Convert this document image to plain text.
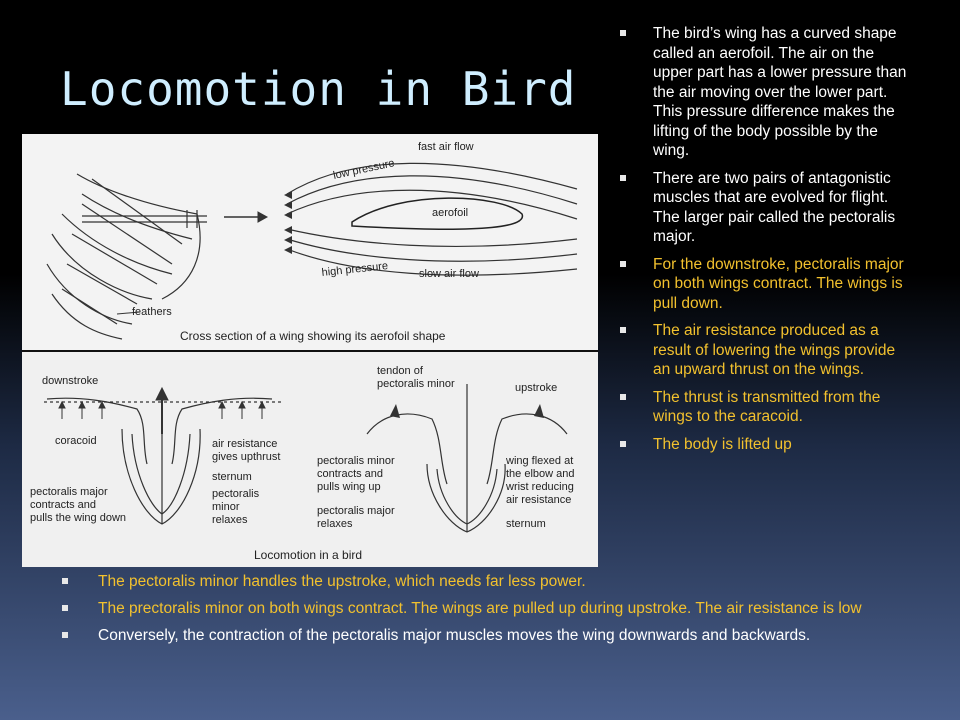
Locomotion in Bird
feathers
fast air flow
low pressure
aerofoil
high pressure	slow air flow
Cross section of a wing showing its aerofoil shape
downstroke
coracoid	air resistance
gives upthrust
sternum
pectoralis
minor
relaxes
pectoralis major
contracts and
pulls the wing down
tendon of
pectoralis minor	upstroke
pectoralis minor
contracts and
pulls wing up
wing flexed at
the elbow and
wrist reducing
air resistance
pectoralis major
relaxes	sternum
Locomotion in a bird
The bird’s wing has a curved shape called an aerofoil. The air on the upper part has a lower pressure than the air moving over the lower part. This pressure difference makes the lifting of the body possible by the wing.
There are two pairs of antagonistic muscles that are evolved for flight. The larger pair called the pectoralis major.
For the downstroke, pectoralis major on both wings contract. The wings is pull down.
The air resistance produced as a result of lowering the wings provide an upward thrust on the wings.
The thrust is transmitted from the wings to the caracoid.
The body is lifted up
The pectoralis minor handles the upstroke, which needs far less power.
The prectoralis minor on both wings contract. The wings are pulled up during upstroke. The air resistance is low
Conversely, the contraction of the pectoralis major muscles moves the wing downwards and backwards.
